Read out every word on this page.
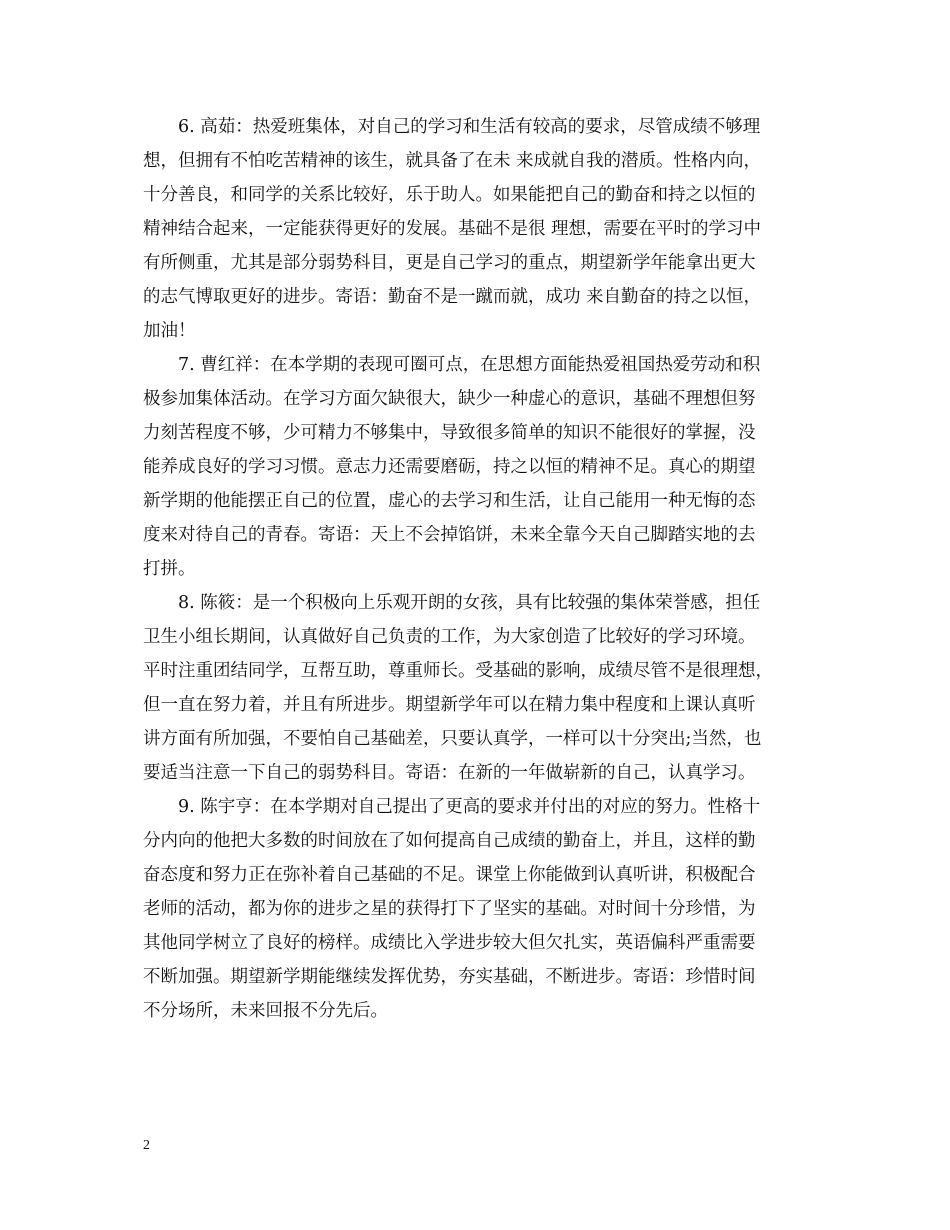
6. 高茹：热爱班集体，对自己的学习和生活有较高的要求，尽管成绩不够理
想，但拥有不怕吃苦精神的该生，就具备了在未 来成就自我的潜质。性格内向，
十分善良，和同学的关系比较好，乐于助人。如果能把自己的勤奋和持之以恒的
精神结合起来，一定能获得更好的发展。基础不是很 理想，需要在平时的学习中
有所侧重，尤其是部分弱势科目，更是自己学习的重点，期望新学年能拿出更大
的志气博取更好的进步。寄语：勤奋不是一蹴而就，成功 来自勤奋的持之以恒，
加油！
7. 曹红祥：在本学期的表现可圈可点，在思想方面能热爱祖国热爱劳动和积
极参加集体活动。在学习方面欠缺很大，缺少一种虚心的意识，基础不理想但努
力刻苦程度不够，少可精力不够集中，导致很多简单的知识不能很好的掌握，没
能养成良好的学习习惯。意志力还需要磨砺，持之以恒的精神不足。真心的期望
新学期的他能摆正自己的位置，虚心的去学习和生活，让自己能用一种无悔的态
度来对待自己的青春。寄语：天上不会掉馅饼，未来全靠今天自己脚踏实地的去
打拼。
8. 陈筱：是一个积极向上乐观开朗的女孩，具有比较强的集体荣誉感，担任
卫生小组长期间，认真做好自己负责的工作，为大家创造了比较好的学习环境。
平时注重团结同学，互帮互助，尊重师长。受基础的影响，成绩尽管不是很理想，
但一直在努力着，并且有所进步。期望新学年可以在精力集中程度和上课认真听
讲方面有所加强，不要怕自己基础差，只要认真学，一样可以十分突出;当然，也
要适当注意一下自己的弱势科目。寄语：在新的一年做崭新的自己，认真学习。
9. 陈宇亨：在本学期对自己提出了更高的要求并付出的对应的努力。性格十
分内向的他把大多数的时间放在了如何提高自己成绩的勤奋上，并且，这样的勤
奋态度和努力正在弥补着自己基础的不足。课堂上你能做到认真听讲，积极配合
老师的活动，都为你的进步之星的获得打下了坚实的基础。对时间十分珍惜，为
其他同学树立了良好的榜样。成绩比入学进步较大但欠扎实，英语偏科严重需要
不断加强。期望新学期能继续发挥优势，夯实基础，不断进步。寄语：珍惜时间
不分场所，未来回报不分先后。
2
